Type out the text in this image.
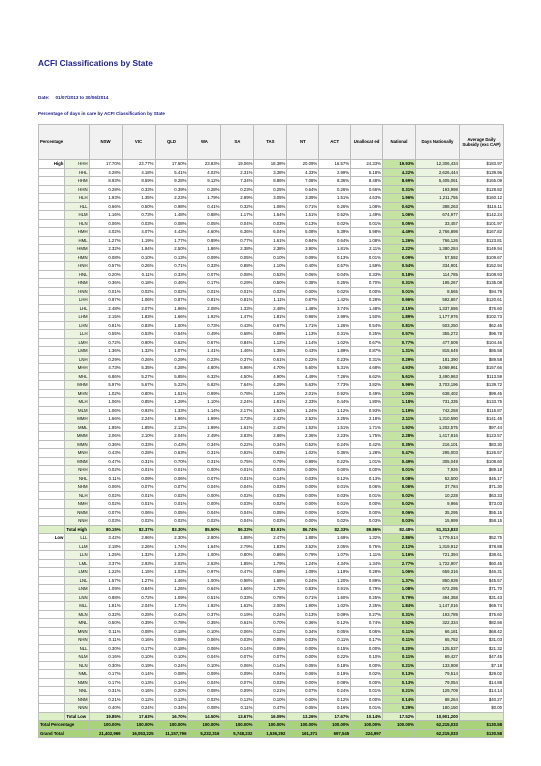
ACFI Classifications by State
Date: 01/07/2013 to 30/06/2014
Percentage of days in care by ACFI Classification by State
Percentage		NSW	VIC	QLD	WA	SA	TAS	NT	ACT	Unallocat ed	National	Days Nationally	Average Daily Subsidy (exc CAP)
High	HHH	17.70%	23.77%	17.60%	23.83%	19.06%	18.38%	20.09%	16.57%	24.33%	19.93%	12,306,434	$183.97
	HHL	4.28%	4.18%	5.41%	4.02%	2.31%	3.38%	4.33%	2.99%	5.18%	4.22%	2,626,444	$139.96
	HHM	8.93%	8.59%	9.28%	9.12%	7.34%	8.86%	7.08%	8.36%	8.48%	8.69%	5,405,061	$165.09
	HHN	0.28%	0.33%	0.39%	0.28%	0.23%	0.25%	0.64%	0.26%	0.66%	0.31%	193,998	$128.82
	HLH	1.93%	1.35%	2.23%	1.79%	2.89%	3.05%	3.39%	1.51%	4.63%	1.96%	1,211,755	$160.12
	HLL	0.66%	0.50%	0.98%	0.41%	0.32%	1.06%	0.71%	0.26%	1.08%	0.62%	388,263	$116.11
	HLM	1.16%	0.73%	1.48%	0.88%	1.17%	1.64%	1.51%	0.52%	1.49%	1.06%	674,977	$142.24
	HLN	0.06%	0.03%	0.08%	0.05%	0.04%	0.03%	0.13%	0.02%	0.01%	0.05%	33,457	$101.97
	HMH	4.02%	4.07%	4.43%	4.60%	6.36%	6.04%	5.08%	5.39%	5.98%	4.49%	2,766,898	$167.82
	HML	1.27%	1.19%	1.77%	0.89%	0.77%	1.61%	0.84%	0.64%	1.08%	1.26%	766,126	$123.81
	HMM	2.32%	1.94%	2.50%	1.86%	2.38%	2.38%	3.90%	1.81%	2.11%	2.22%	1,380,284	$149.94
	HMN	0.08%	0.10%	0.13%	0.09%	0.05%	0.10%	0.09%	0.13%	0.01%	0.09%	57,592	$109.67
	HNH	0.57%	0.26%	0.71%	0.33%	0.88%	1.10%	0.40%	0.57%	1.59%	0.54%	334,901	$152.94
	HNL	0.20%	0.11%	0.33%	0.07%	0.08%	0.52%	0.06%	0.04%	0.33%	0.18%	114,785	$108.93
	HNM	0.36%	0.18%	0.46%	0.17%	0.29%	0.50%	0.38%	0.25%	0.70%	0.31%	195,267	$135.08
	HNN	0.01%	0.02%	0.02%	0.01%	0.01%	0.02%	0.00%	0.02%	0.00%	0.01%	8,565	$94.79
	LHH	0.97%	1.06%	0.87%	0.81%	0.81%	1.11%	0.87%	1.42%	0.28%	0.96%	592,867	$120.61
	LHL	2.48%	2.07%	1.96%	2.08%	1.33%	2.48%	1.48%	3.74%	1.48%	2.15%	1,337,586	$76.60
	LHM	2.15%	1.83%	1.66%	1.92%	1.47%	1.81%	0.96%	2.99%	1.50%	1.89%	1,177,976	$102.73
	LHN	0.81%	0.83%	1.00%	0.73%	0.43%	0.67%	1.71%	1.26%	0.54%	0.81%	503,250	$62.46
	LLH	0.55%	0.53%	0.54%	0.49%	0.68%	0.88%	1.13%	0.31%	0.25%	0.57%	355,272	$96.78
	LMH	0.72%	0.90%	0.62%	0.67%	0.84%	1.12%	1.14%	1.02%	0.67%	0.77%	477,509	$104.46
	LMM	1.36%	1.32%	1.07%	1.41%	1.46%	1.35%	0.43%	1.89%	0.87%	1.31%	815,649	$86.58
	LNH	0.29%	0.26%	0.29%	0.23%	0.37%	0.61%	0.22%	0.23%	0.31%	0.29%	181,390	$89.58
	MHH	4.73%	5.35%	4.28%	4.80%	5.96%	4.70%	5.60%	5.31%	4.68%	4.93%	3,069,961	$157.66
	MHL	6.86%	5.27%	5.85%	6.32%	4.50%	4.90%	4.49%	7.26%	6.62%	5.61%	3,490,963	$113.59
	MHM	5.97%	5.67%	5.22%	6.82%	7.64%	4.29%	5.63%	7.73%	3.82%	5.96%	3,703,196	$139.72
	MHN	1.02%	0.80%	1.51%	0.99%	0.78%	1.10%	2.01%	0.92%	0.49%	1.03%	638,402	$99.45
	MLH	1.06%	0.85%	1.29%	1.10%	2.24%	1.81%	2.33%	0.44%	1.80%	1.18%	731,335	$133.75
	MLM	1.06%	0.92%	1.33%	1.14%	2.17%	1.52%	1.24%	1.12%	0.93%	1.19%	742,258	$115.87
	MMH	1.66%	2.24%	1.96%	1.99%	3.73%	2.42%	2.52%	2.25%	2.18%	2.11%	1,310,590	$141.45
	MML	1.85%	1.85%	2.12%	1.99%	1.61%	2.42%	1.52%	1.51%	1.71%	1.92%	1,202,575	$97.44
	MMM	2.06%	2.10%	2.04%	2.49%	3.83%	2.86%	2.36%	2.23%	1.75%	2.28%	1,417,816	$123.57
	MMN	0.36%	0.33%	0.43%	0.34%	0.22%	0.34%	0.52%	0.24%	0.42%	0.35%	216,101	$83.30
	MNH	0.43%	0.28%	0.63%	0.31%	0.92%	0.83%	1.02%	0.36%	1.28%	0.47%	295,003	$126.57
	MNM	0.47%	0.31%	0.70%	0.31%	0.75%	0.79%	0.99%	0.22%	1.01%	0.49%	305,049	$108.60
	NHH	0.02%	0.01%	0.01%	0.00%	0.01%	0.03%	0.00%	0.00%	0.00%	0.01%	7,926	$89.18
	NHL	0.11%	0.09%	0.06%	0.07%	0.01%	0.14%	0.03%	0.12%	0.13%	0.08%	52,500	$45.17
	NHM	0.06%	0.07%	0.07%	0.04%	0.04%	0.03%	0.00%	0.01%	0.06%	0.06%	37,784	$71.30
	NLH	0.02%	0.01%	0.02%	0.00%	0.02%	0.03%	0.00%	0.03%	0.01%	0.02%	10,228	$63.33
	NMH	0.02%	0.01%	0.01%	0.00%	0.03%	0.02%	0.00%	0.01%	0.00%	0.02%	9,966	$73.03
	NMM	0.07%	0.06%	0.05%	0.04%	0.04%	0.05%	0.00%	0.02%	0.00%	0.06%	35,295	$55.15
	NNH	0.03%	0.02%	0.02%	0.02%	0.04%	0.03%	0.00%	0.02%	0.03%	0.03%	15,999	$58.15
	Total High	80.15%	82.37%	83.30%	85.50%	86.33%	83.91%	86.74%	82.33%	89.86%	82.48%	51,313,833	
Low	LLL	3.42%	2.96%	2.30%	2.80%	1.88%	2.47%	1.88%	1.69%	1.32%	2.86%	1,779,514	$52.75
	LLM	2.18%	2.26%	1.74%	1.64%	2.79%	1.83%	3.52%	2.05%	0.76%	2.12%	1,319,912	$78.88
	LLN	1.25%	1.32%	1.23%	1.00%	0.80%	0.86%	0.79%	1.07%	1.11%	1.16%	721,394	$38.61
	LML	3.37%	2.93%	2.02%	2.63%	1.85%	1.79%	1.24%	4.34%	1.34%	2.77%	1,722,907	$60.45
	LMN	1.22%	1.15%	1.03%	0.97%	0.47%	0.58%	1.09%	1.19%	0.28%	1.06%	659,316	$46.31
	LNL	1.57%	1.27%	1.46%	1.00%	0.98%	1.65%	0.24%	1.20%	0.89%	1.37%	850,939	$45.57
	LNM	1.09%	0.84%	1.26%	0.64%	1.66%	1.70%	0.83%	0.91%	0.79%	1.08%	672,295	$71.70
	LNN	0.88%	0.72%	1.09%	0.51%	0.33%	0.78%	0.71%	1.50%	0.25%	0.79%	494,358	$31.43
	MLL	1.81%	2.04%	1.72%	1.92%	1.62%	2.00%	1.90%	1.02%	2.25%	1.84%	1,147,016	$69.74
	MLN	0.32%	0.28%	0.42%	0.37%	0.19%	0.24%	0.13%	0.09%	0.27%	0.31%	193,789	$75.60
	MNL	0.50%	0.39%	0.78%	0.35%	0.61%	0.70%	0.36%	0.12%	0.74%	0.52%	322,334	$82.56
	MNN	0.11%	0.08%	0.18%	0.10%	0.06%	0.12%	0.34%	0.05%	0.06%	0.11%	66,181	$68.42
	NHN	0.11%	0.16%	0.09%	0.06%	0.03%	0.05%	0.03%	0.11%	0.17%	0.11%	65,782	$31.03
	NLL	0.30%	0.17%	0.18%	0.06%	0.14%	0.09%	0.00%	0.15%	0.00%	0.20%	125,537	$21.32
	NLM	0.16%	0.10%	0.10%	0.04%	0.07%	0.07%	0.00%	0.22%	0.10%	0.11%	69,427	$47.45
	NLN	0.30%	0.19%	0.24%	0.10%	0.06%	0.14%	0.05%	0.18%	0.00%	0.21%	133,908	$7.18
	NML	0.17%	0.14%	0.08%	0.09%	0.09%	0.04%	0.06%	0.19%	0.02%	0.13%	79,514	$29.02
	NMN	0.17%	0.13%	0.14%	0.04%	0.07%	0.03%	0.00%	0.08%	0.00%	0.13%	79,054	$14.88
	NNL	0.31%	0.16%	0.20%	0.08%	0.09%	0.21%	0.07%	0.24%	0.01%	0.21%	129,709	$14.14
	NNM	0.21%	0.12%	0.13%	0.02%	0.12%	0.10%	0.00%	0.12%	0.00%	0.14%	88,264	$40.27
	NNN	0.40%	0.24%	0.34%	0.08%	0.11%	0.47%	0.05%	0.16%	0.01%	0.29%	180,150	$0.00
	Total Low	19.85%	17.63%	16.70%	14.50%	13.67%	16.09%	13.26%	17.67%	10.14%	17.52%	10,901,200	
Total Percentage		100.00%	100.00%	100.00%	100.00%	100.00%	100.00%	100.00%	100.00%	100.00%	100.00%	62,215,033	$130.58
Grand Total		21,402,969	16,053,225	11,157,796	5,232,316	5,748,232	1,536,292	161,371	697,545	224,997		62,215,033	$130.58
